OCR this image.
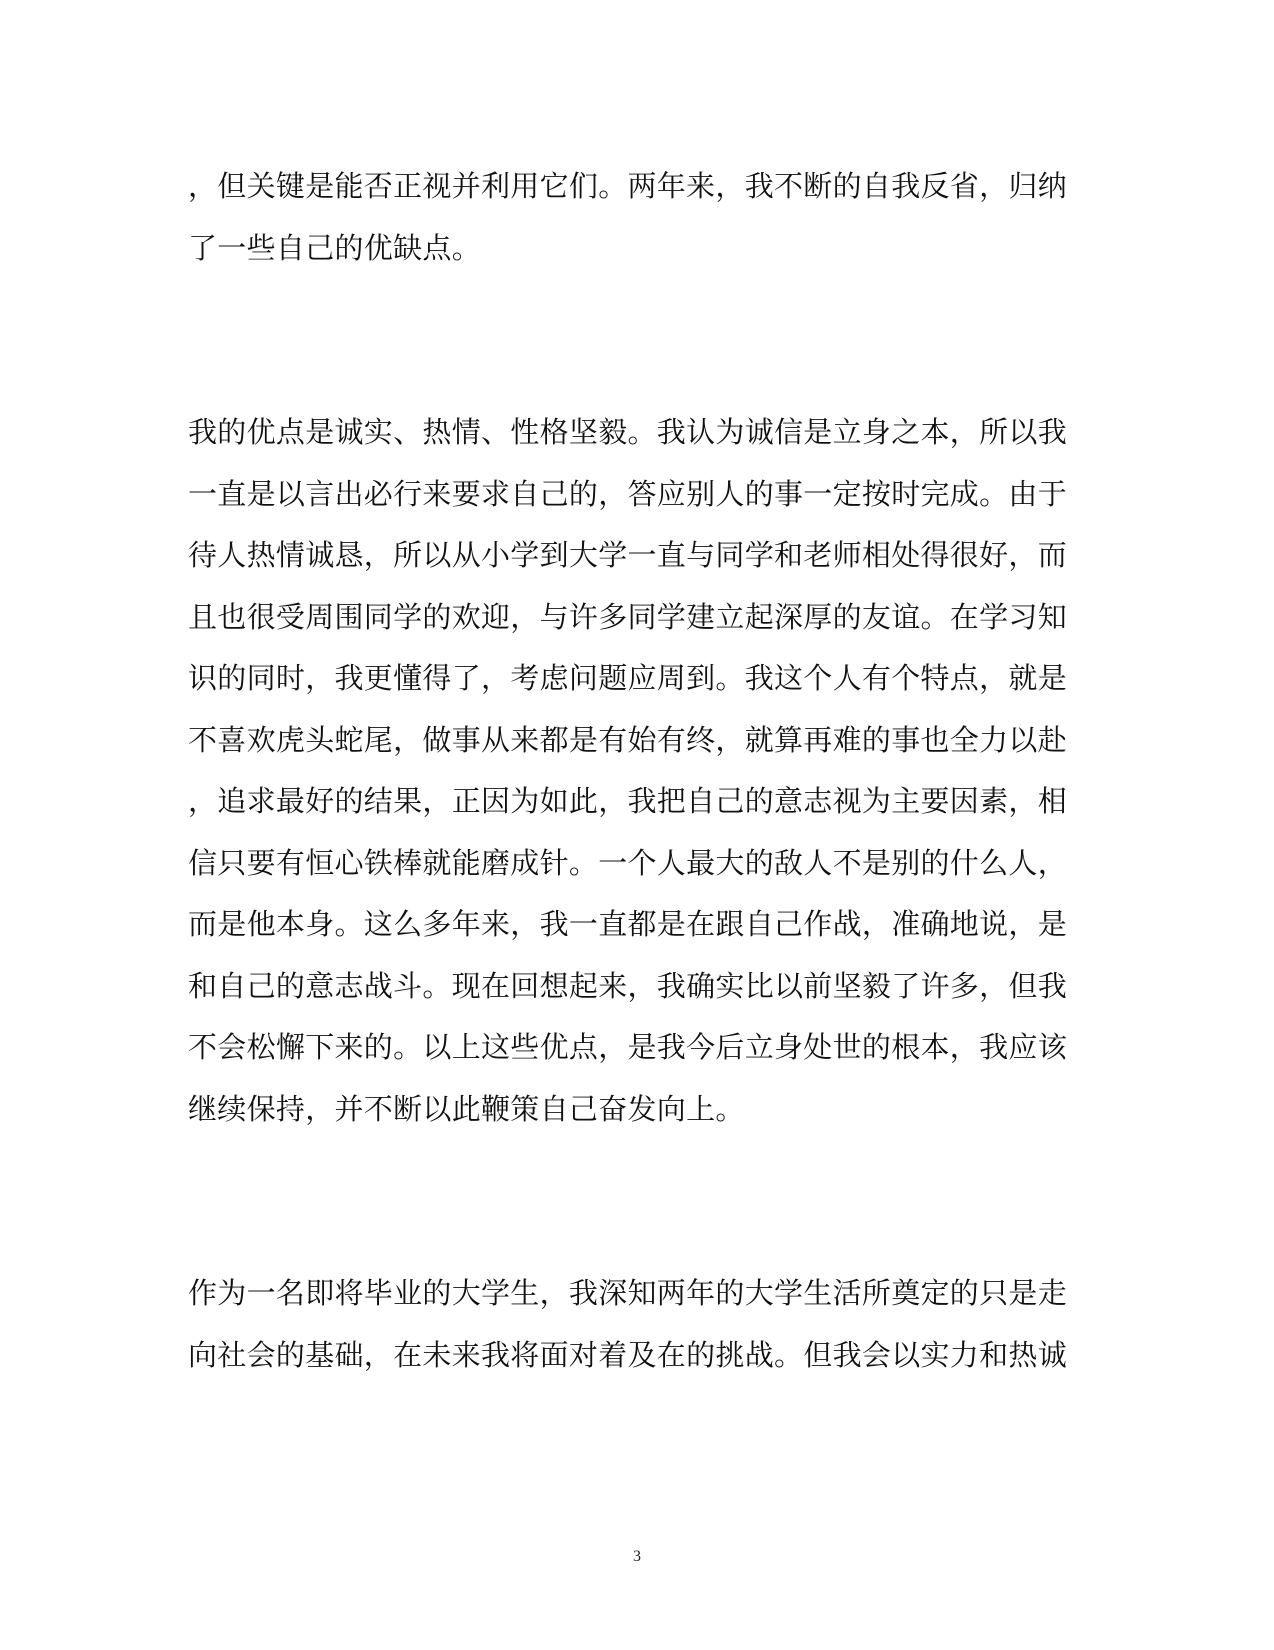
，但关键是能否正视并利用它们。两年来，我不断的自我反省，归纳
了一些自己的优缺点。
我的优点是诚实、热情、性格坚毅。我认为诚信是立身之本，所以我
一直是以言出必行来要求自己的，答应别人的事一定按时完成。由于
待人热情诚恳，所以从小学到大学一直与同学和老师相处得很好，而
且也很受周围同学的欢迎，与许多同学建立起深厚的友谊。在学习知
识的同时，我更懂得了，考虑问题应周到。我这个人有个特点，就是
不喜欢虎头蛇尾，做事从来都是有始有终，就算再难的事也全力以赴
，追求最好的结果，正因为如此，我把自己的意志视为主要因素，相
信只要有恒心铁棒就能磨成针。一个人最大的敌人不是别的什么人，
而是他本身。这么多年来，我一直都是在跟自己作战，准确地说，是
和自己的意志战斗。现在回想起来，我确实比以前坚毅了许多，但我
不会松懈下来的。以上这些优点，是我今后立身处世的根本，我应该
继续保持，并不断以此鞭策自己奋发向上。
作为一名即将毕业的大学生，我深知两年的大学生活所奠定的只是走
向社会的基础，在未来我将面对着及在的挑战。但我会以实力和热诚
3
